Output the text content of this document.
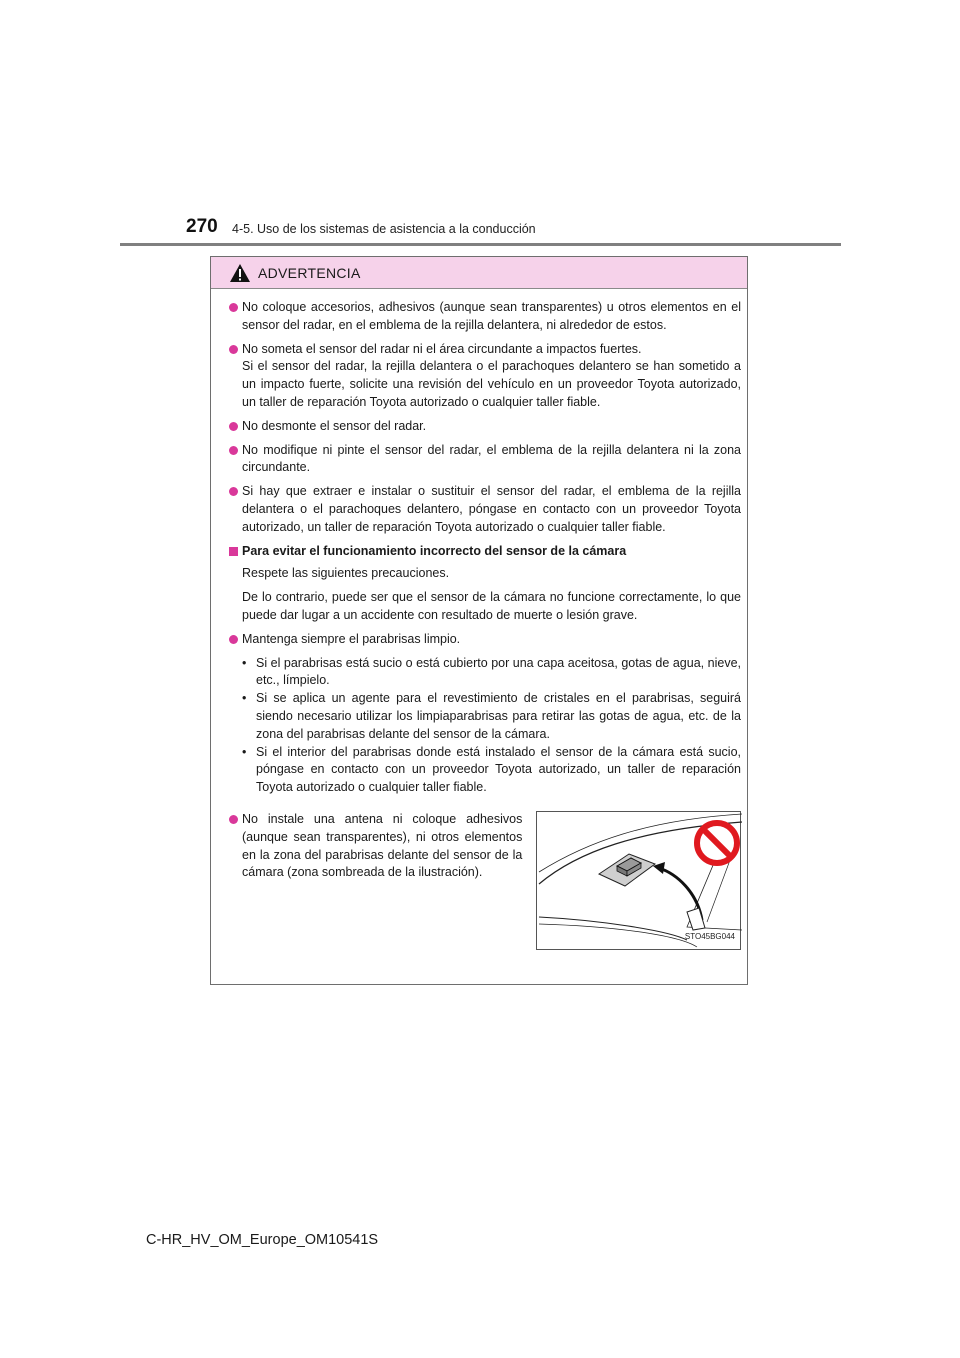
270 4-5. Uso de los sistemas de asistencia a la conducción
ADVERTENCIA
No coloque accesorios, adhesivos (aunque sean transparentes) u otros elementos en el sensor del radar, en el emblema de la rejilla delantera, ni alrededor de estos.
No someta el sensor del radar ni el área circundante a impactos fuertes.
Si el sensor del radar, la rejilla delantera o el parachoques delantero se han sometido a un impacto fuerte, solicite una revisión del vehículo en un proveedor Toyota autorizado, un taller de reparación Toyota autorizado o cualquier taller fiable.
No desmonte el sensor del radar.
No modifique ni pinte el sensor del radar, el emblema de la rejilla delantera ni la zona circundante.
Si hay que extraer e instalar o sustituir el sensor del radar, el emblema de la rejilla delantera o el parachoques delantero, póngase en contacto con un proveedor Toyota autorizado, un taller de reparación Toyota autorizado o cualquier taller fiable.
Para evitar el funcionamiento incorrecto del sensor de la cámara
Respete las siguientes precauciones.
De lo contrario, puede ser que el sensor de la cámara no funcione correctamente, lo que puede dar lugar a un accidente con resultado de muerte o lesión grave.
Mantenga siempre el parabrisas limpio.
• Si el parabrisas está sucio o está cubierto por una capa aceitosa, gotas de agua, nieve, etc., límpielo.
• Si se aplica un agente para el revestimiento de cristales en el parabrisas, seguirá siendo necesario utilizar los limpiaparabrisas para retirar las gotas de agua, etc. de la zona del parabrisas delante del sensor de la cámara.
• Si el interior del parabrisas donde está instalado el sensor de la cámara está sucio, póngase en contacto con un proveedor Toyota autorizado, un taller de reparación Toyota autorizado o cualquier taller fiable.
No instale una antena ni coloque adhesivos (aunque sean transparentes), ni otros elementos en la zona del parabrisas delante del sensor de la cámara (zona sombreada de la ilustración).
STO45BG044
C-HR_HV_OM_Europe_OM10541S
